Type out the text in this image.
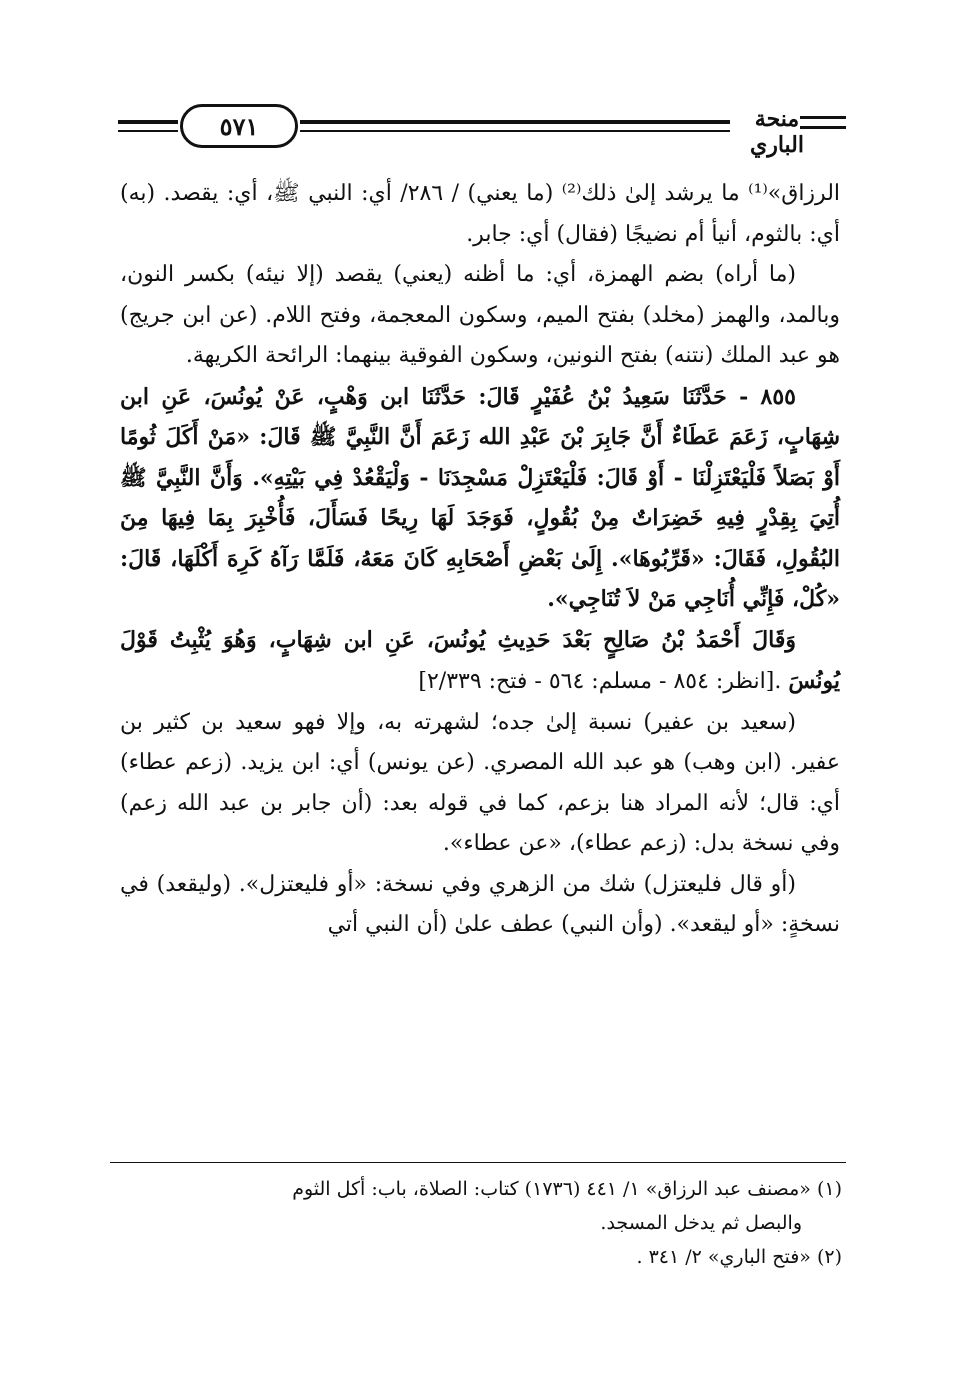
٥٧١	منحة الباري

الرزاق»⁽¹⁾ ما يرشد إلىٰ ذلك⁽²⁾ (ما يعني) / ٢٨٦/ أي: النبي ﷺ، أي: يقصد. (به) أي: بالثوم، أنيأ أم نضيجًا (فقال) أي: جابر.

(ما أراه) بضم الهمزة، أي: ما أظنه (يعني) يقصد (إلا نيئه) بكسر النون، وبالمد، والهمز (مخلد) بفتح الميم، وسكون المعجمة، وفتح اللام. (عن ابن جريج) هو عبد الملك (نتنه) بفتح النونين، وسكون الفوقية بينهما: الرائحة الكريهة.

٨٥٥ - حَدَّثَنَا سَعِيدُ بْنُ عُفَيْرٍ قَالَ: حَدَّثَنَا ابن وَهْبٍ، عَنْ يُونُسَ، عَنِ ابن شِهَابٍ، زَعَمَ عَطَاءٌ أَنَّ جَابِرَ بْنَ عَبْدِ الله زَعَمَ أَنَّ النَّبِيَّ ﷺ قَالَ: «مَنْ أَكَلَ ثُومًا أَوْ بَصَلاً فَلْيَعْتَزِلْنَا - أَوْ قَالَ: فَلْيَعْتَزِلْ مَسْجِدَنَا - وَلْيَقْعُدْ فِي بَيْتِهِ». وَأَنَّ النَّبِيَّ ﷺ أُتِيَ بِقِدْرٍ فِيهِ خَضِرَاتٌ مِنْ بُقُولٍ، فَوَجَدَ لَهَا رِيحًا فَسَأَلَ، فَأُخْبِرَ بِمَا فِيهَا مِنَ البُقُولِ، فَقَالَ: «قَرِّبُوهَا». إِلَىٰ بَعْضِ أَصْحَابِهِ كَانَ مَعَهُ، فَلَمَّا رَآهُ كَرِهَ أَكْلَهَا، قَالَ: «كُلْ، فَإِنِّي أُنَاجِي مَنْ لاَ تُنَاجِي».

وَقَالَ أَحْمَدُ بْنُ صَالِحٍ بَعْدَ حَدِيثِ يُونُسَ، عَنِ ابن شِهَابٍ، وَهُوَ يُثْبِتُ قَوْلَ يُونُسَ .[انظر: ٨٥٤ - مسلم: ٥٦٤ - فتح: ٢/٣٣٩]

(سعيد بن عفير) نسبة إلىٰ جده؛ لشهرته به، وإلا فهو سعيد بن كثير بن عفير. (ابن وهب) هو عبد الله المصري. (عن يونس) أي: ابن يزيد. (زعم عطاء) أي: قال؛ لأنه المراد هنا بزعم، كما في قوله بعد: (أن جابر بن عبد الله زعم) وفي نسخة بدل: (زعم عطاء)، «عن عطاء».

(أو قال فليعتزل) شك من الزهري وفي نسخة: «أو فليعتزل». (وليقعد) في نسخةٍ: «أو ليقعد». (وأن النبي) عطف علىٰ (أن النبي أتي

(١) «مصنف عبد الرزاق» ١/ ٤٤١ (١٧٣٦) كتاب: الصلاة، باب: أكل الثوم

والبصل ثم يدخل المسجد.

(٢) «فتح الباري» ٢/ ٣٤١ .
